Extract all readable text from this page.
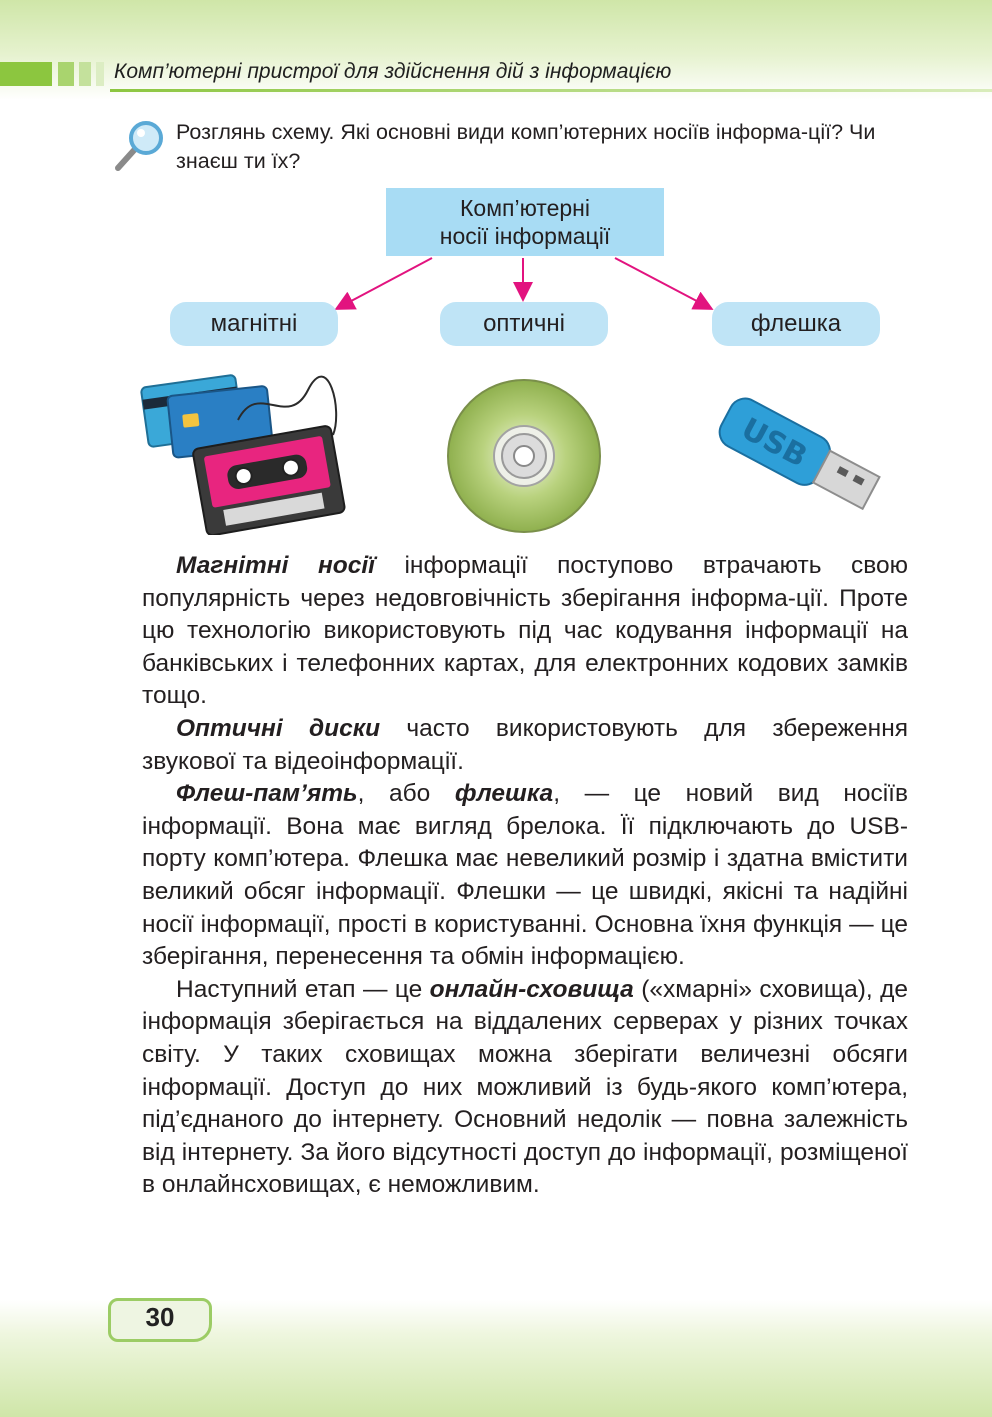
Комп’ютерні пристрої для здійснення дій з інформацією
Розглянь схему. Які основні види комп’ютерних носіїв інформа-ції? Чи знаєш ти їх?
Комп’ютерні
носії інформації
магнітні	оптичні	флешка
USB

Магнітні носії інформації поступово втрачають свою популярність через недовговічність зберігання інформа-ції. Проте цю технологію використовують під час кодування інформації на банківських і телефонних картах, для електронних кодових замків тощо.

Оптичні диски часто використовують для збереження звукової та відеоінформації.

Флеш-пам’ять, або флешка, — це новий вид носіїв інформації. Вона має вигляд брелока. Її підключають до USB-порту комп’ютера. Флешка має невеликий розмір і здатна вмістити великий обсяг інформації. Флешки — це швидкі, якісні та надійні носії інформації, прості в користуванні. Основна їхня функція — це зберігання, перенесення та обмін інформацією.

Наступний етап — це онлайн-сховища («хмарні» сховища), де інформація зберігається на віддалених серверах у різних точках світу. У таких сховищах можна зберігати величезні обсяги інформації. Доступ до них можливий із будь-якого комп’ютера, під’єднаного до інтернету. Основний недолік — повна залежність від інтернету. За його відсутності доступ до інформації, розміщеної в онлайнсховищах, є неможливим.

30
